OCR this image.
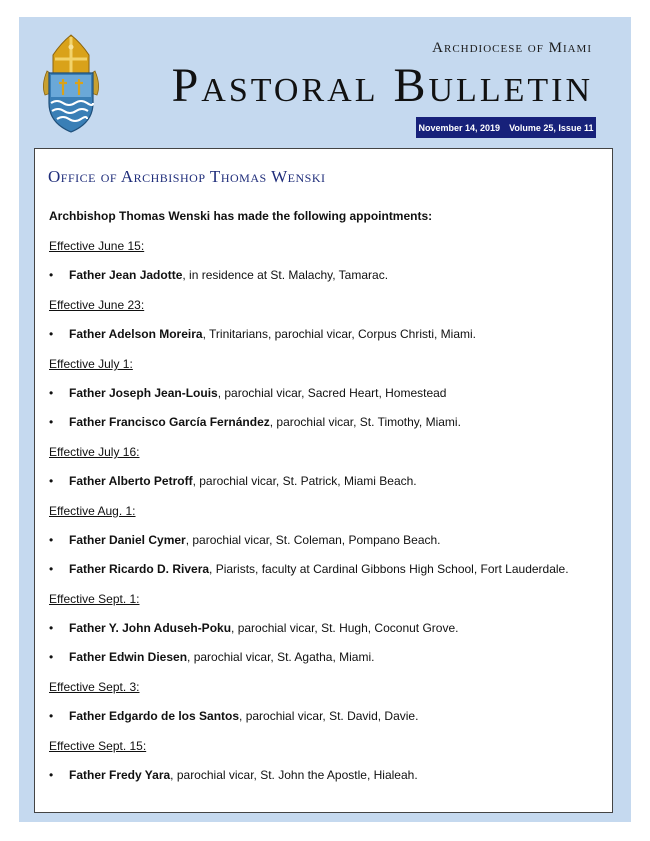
Archdiocese of Miami
Pastoral Bulletin
November 14, 2019 Volume 25, Issue 11
Office of Archbishop Thomas Wenski
Archbishop Thomas Wenski has made the following appointments:
Effective June 15:
• Father Jean Jadotte, in residence at St. Malachy, Tamarac.
Effective June 23:
• Father Adelson Moreira, Trinitarians, parochial vicar, Corpus Christi, Miami.
Effective July 1:
• Father Joseph Jean-Louis, parochial vicar, Sacred Heart, Homestead
• Father Francisco García Fernández, parochial vicar, St. Timothy, Miami.
Effective July 16:
• Father Alberto Petroff, parochial vicar, St. Patrick, Miami Beach.
Effective Aug. 1:
• Father Daniel Cymer, parochial vicar, St. Coleman, Pompano Beach.
• Father Ricardo D. Rivera, Piarists, faculty at Cardinal Gibbons High School, Fort Lauderdale.
Effective Sept. 1:
• Father Y. John Aduseh-Poku, parochial vicar, St. Hugh, Coconut Grove.
• Father Edwin Diesen, parochial vicar, St. Agatha, Miami.
Effective Sept. 3:
• Father Edgardo de los Santos, parochial vicar, St. David, Davie.
Effective Sept. 15:
• Father Fredy Yara, parochial vicar, St. John the Apostle, Hialeah.
